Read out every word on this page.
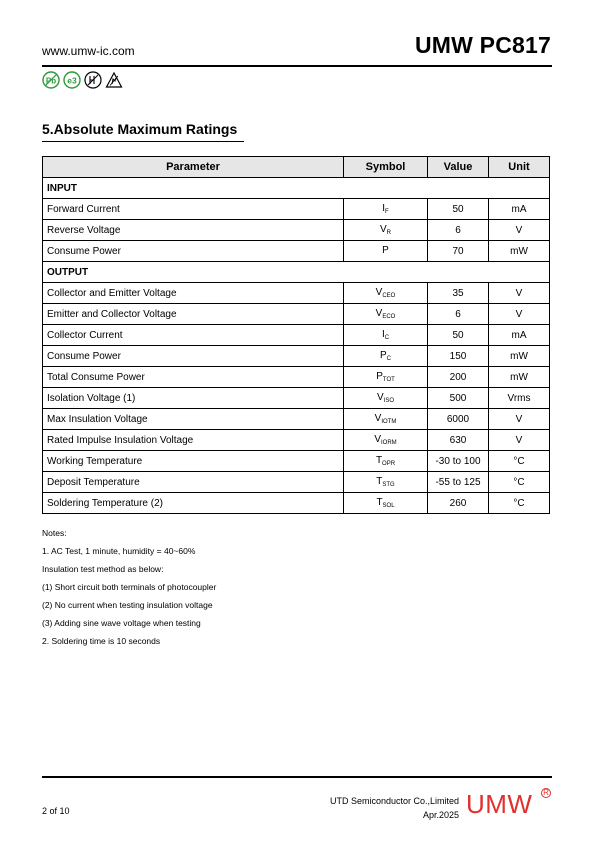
www.umw-ic.com	UMW PC817
Pb e3
5.Absolute Maximum Ratings
Parameter	Symbol	Value	Unit
INPUT			
Forward Current	$I_F$	50	mA
Reverse Voltage	$V_R$	6	V
Consume Power	P	70	mW
OUTPUT			
Collector and Emitter Voltage	$V_{CEO}$	35	V
Emitter and Collector Voltage	$V_{ECO}$	6	V
Collector Current	$I_C$	50	mA
Consume Power	$P_C$	150	mW
Total Consume Power	$P_{TOT}$	200	mW
Isolation Voltage (1)	$V_{ISO}$	500	Vrms
Max Insulation Voltage	$V_{IOTM}$	6000	V
Rated Impulse Insulation Voltage	$V_{IORM}$	630	V
Working Temperature	$T_{OPR}$	-30 to 100	°C
Deposit Temperature	$T_{STG}$	-55 to 125	°C
Soldering Temperature (2)	$T_{SOL}$	260	°C
Notes:
1. AC Test, 1 minute, humidity = 40~60%
Insulation test method as below:
(1) Short circuit both terminals of photocoupler
(2) No current when testing insulation voltage
(3) Adding sine wave voltage when testing
2. Soldering time is 10 seconds
2 of 10
UTD Semiconductor Co.,Limited
Apr.2025 UMW R
